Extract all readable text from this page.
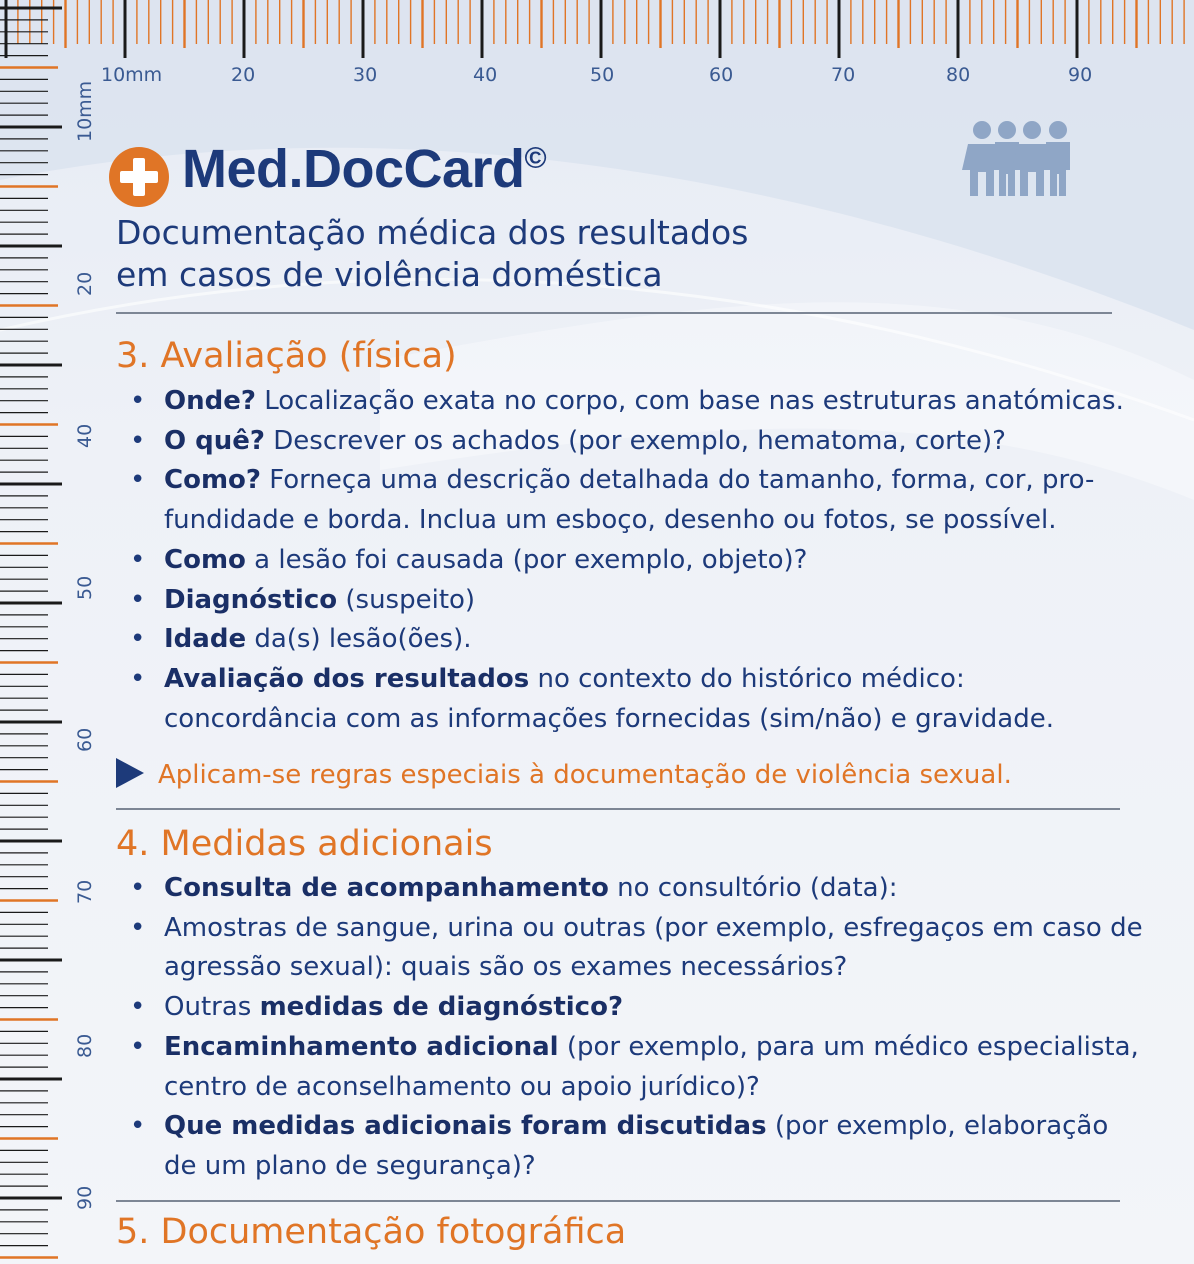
10mm	20	30	40	50	60	70	80	90
10mm
20
40
50
60
70
80
90
Med.DocCard©
Documentação médica dos resultados
em casos de violência doméstica
3. Avaliação (física)
• Onde? Localização exata no corpo, com base nas estruturas anatómicas.
• O quê? Descrever os achados (por exemplo, hematoma, corte)?
• Como? Forneça uma descrição detalhada do tamanho, forma, cor, pro-fundidade e borda. Inclua um esboço, desenho ou fotos, se possível.
• Como a lesão foi causada (por exemplo, objeto)?
• Diagnóstico (suspeito)
• Idade da(s) lesão(ões).
• Avaliação dos resultados no contexto do histórico médico: concordância com as informações fornecidas (sim/não) e gravidade.
Aplicam-se regras especiais à documentação de violência sexual.
4. Medidas adicionais
• Consulta de acompanhamento no consultório (data):
• Amostras de sangue, urina ou outras (por exemplo, esfregaços em caso de agressão sexual): quais são os exames necessários?
• Outras medidas de diagnóstico?
• Encaminhamento adicional (por exemplo, para um médico especialista, centro de aconselhamento ou apoio jurídico)?
• Que medidas adicionais foram discutidas (por exemplo, elaboração de um plano de segurança)?
5. Documentação fotográfica
